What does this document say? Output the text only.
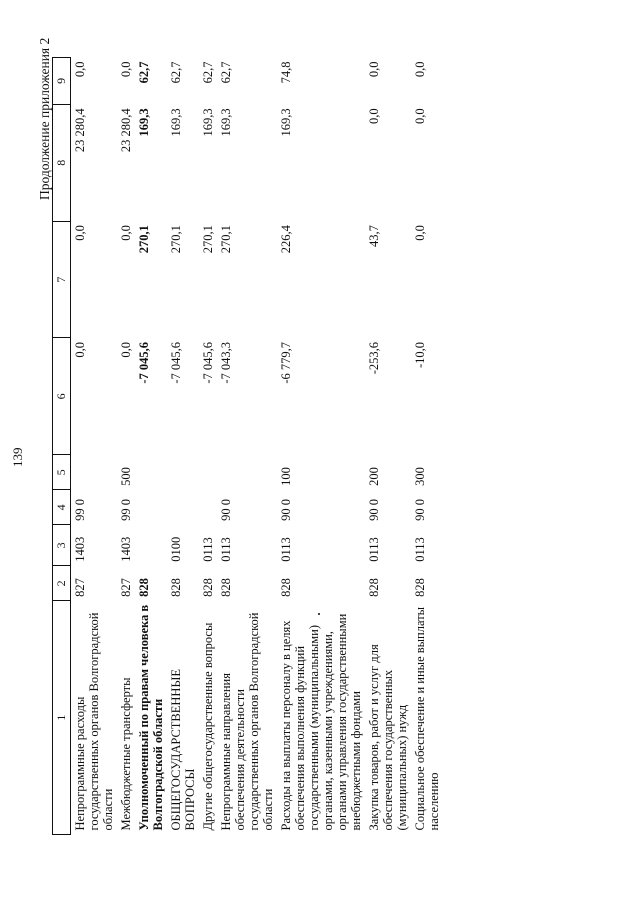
139
Продолжение приложения 2
1	2	3	4	5	6	7	8	9
Непрограммные расходы государственных органов Волгоградской области	827	1403	99 0		0,0	0,0	23 280,4	0,0
Межбюджетные трансферты	827	1403	99 0	500	0,0	0,0	23 280,4	0,0
Уполномоченный по правам человека в Волгоградской области	828				-7 045,6	270,1	169,3	62,7
ОБЩЕГОСУДАРСТВЕННЫЕ ВОПРОСЫ	828	0100			-7 045,6	270,1	169,3	62,7
Другие общегосударственные вопросы	828	0113			-7 045,6	270,1	169,3	62,7
Непрограммные направления обеспечения деятельности государственных органов Волгоградской области	828	0113	90 0		-7 043,3	270,1	169,3	62,7
Расходы на выплаты персоналу в целях обеспечения выполнения функций государственными (муниципальными) органами, казенными учреждениями, органами управления государственными внебюджетными фондами	828	0113	90 0	100	-6 779,7	226,4	169,3	74,8
Закупка товаров, работ и услуг для обеспечения государственных (муниципальных) нужд	828	0113	90 0	200	-253,6	43,7	0,0	0,0
Социальное обеспечение и иные выплаты населению	828	0113	90 0	300	-10,0	0,0	0,0	0,0
